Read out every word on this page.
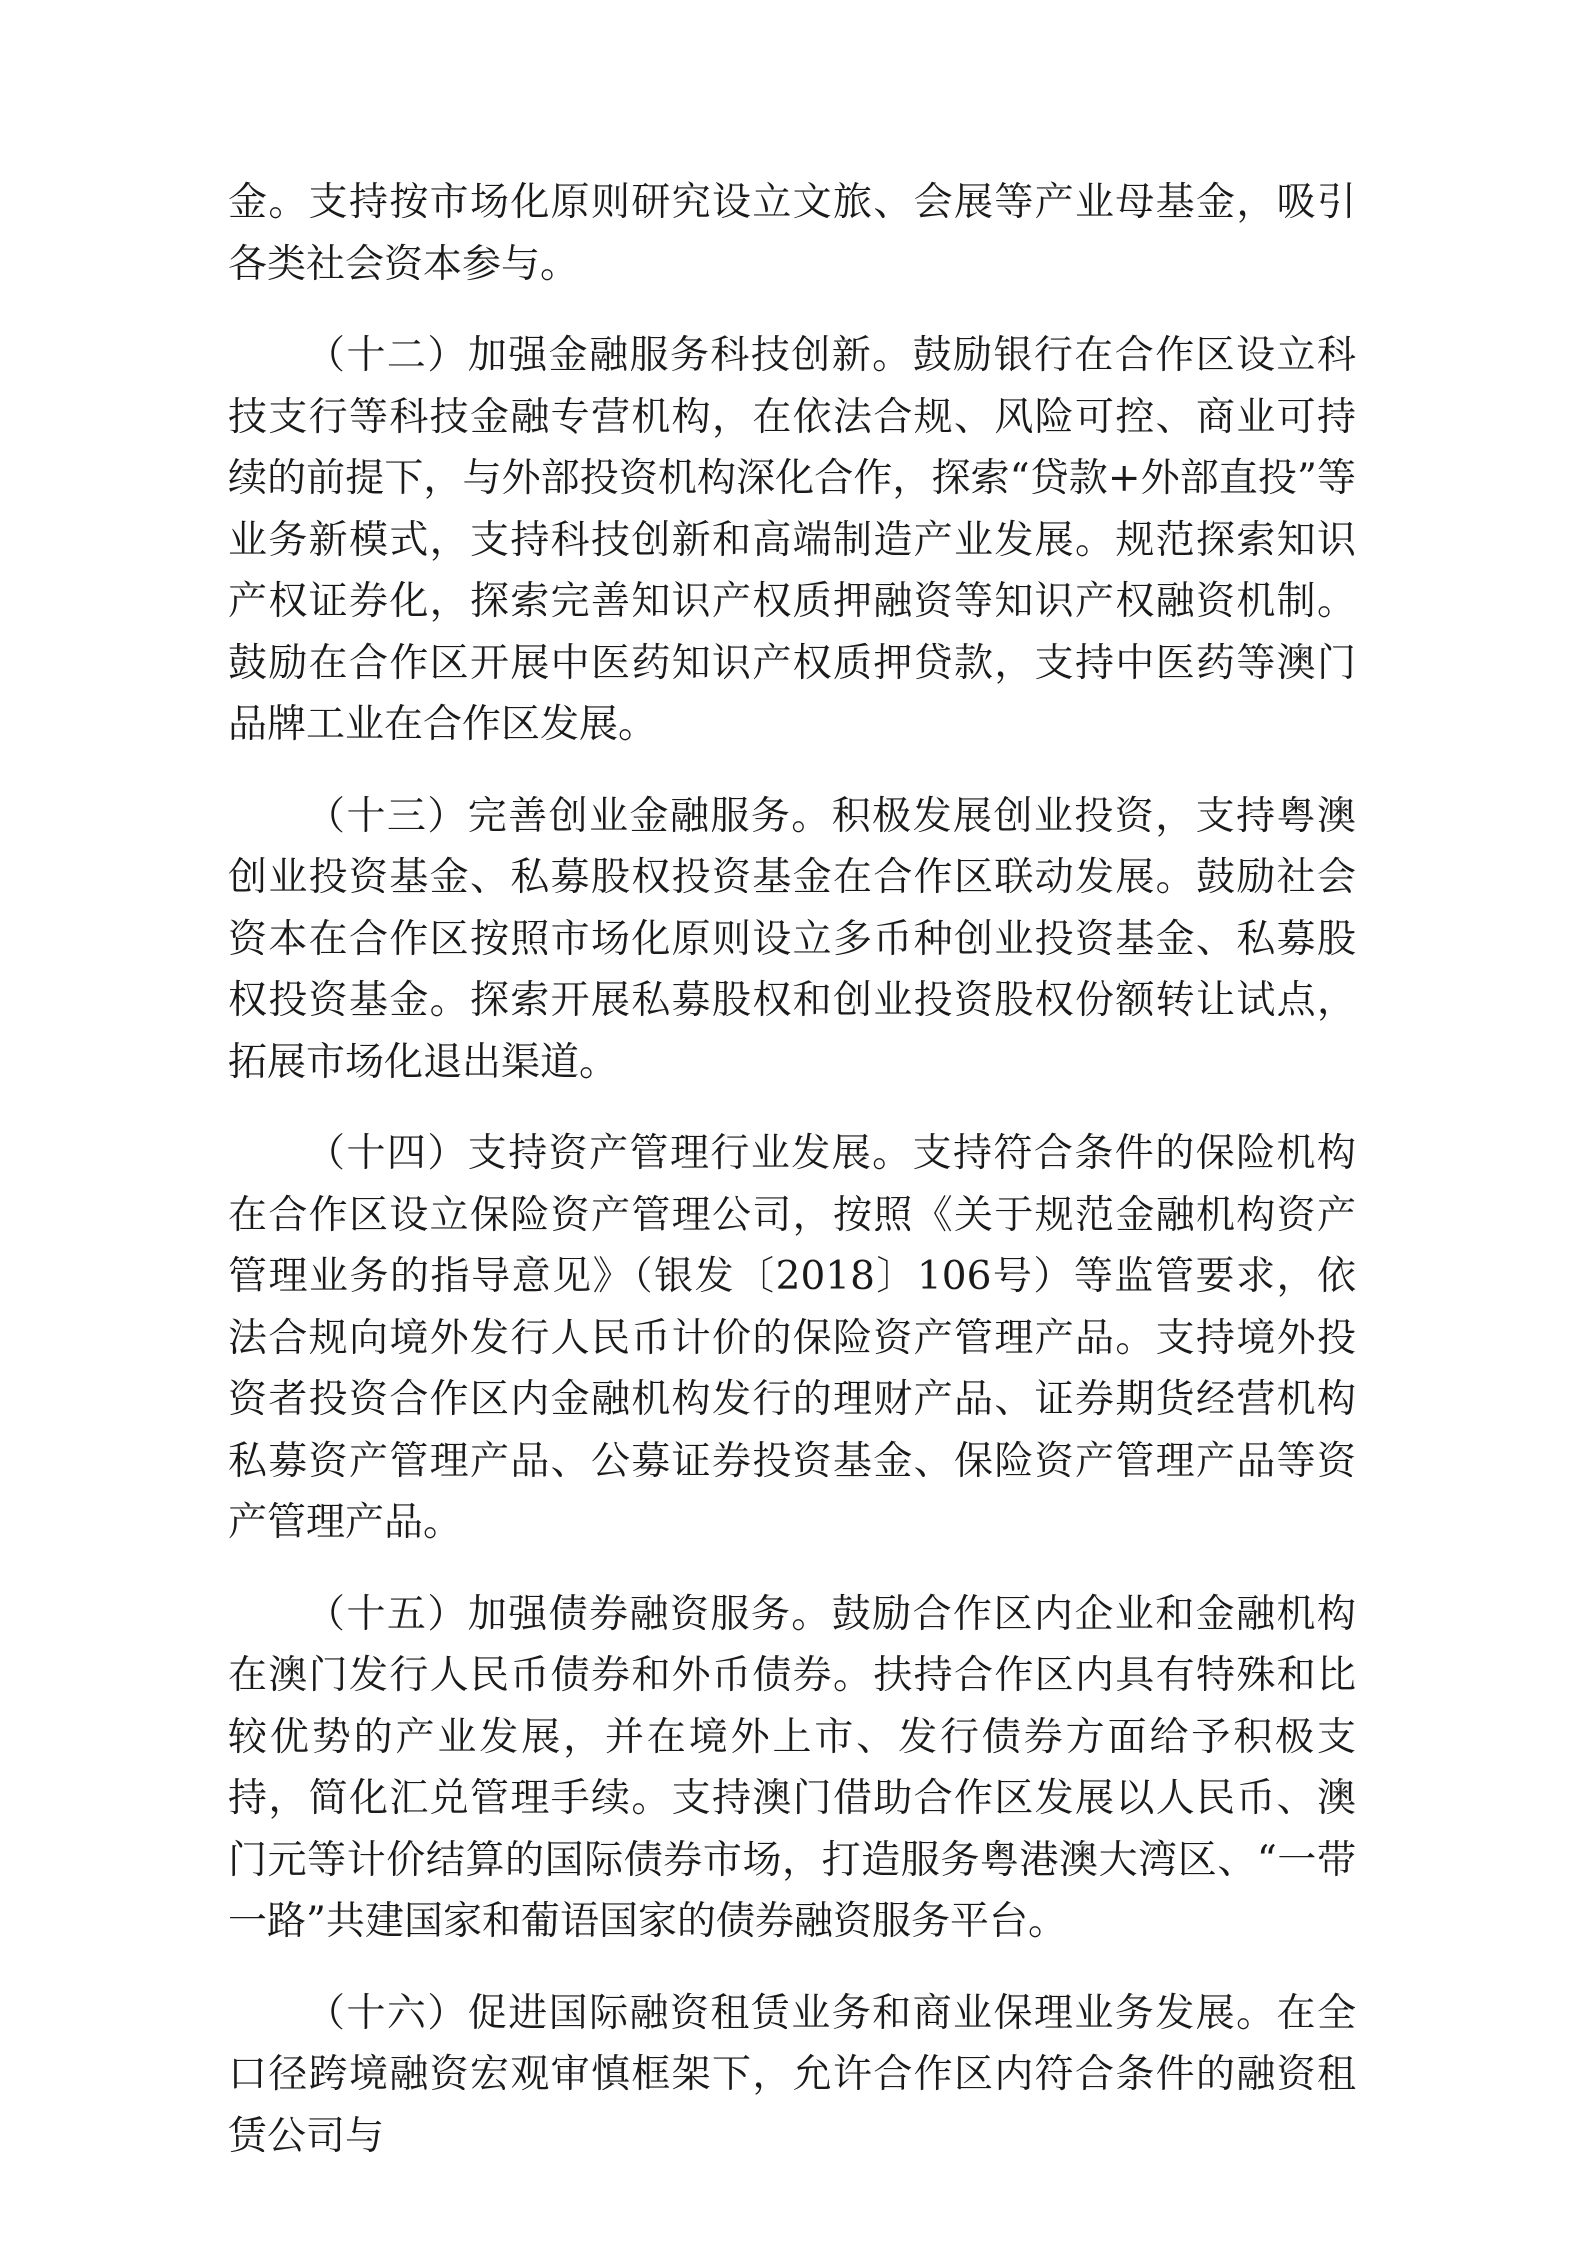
金。支持按市场化原则研究设立文旅、会展等产业母基金，吸引各类社会资本参与。

（十二）加强金融服务科技创新。鼓励银行在合作区设立科技支行等科技金融专营机构，在依法合规、风险可控、商业可持续的前提下，与外部投资机构深化合作，探索“贷款+外部直投”等业务新模式，支持科技创新和高端制造产业发展。规范探索知识产权证券化，探索完善知识产权质押融资等知识产权融资机制。鼓励在合作区开展中医药知识产权质押贷款，支持中医药等澳门品牌工业在合作区发展。

（十三）完善创业金融服务。积极发展创业投资，支持粤澳创业投资基金、私募股权投资基金在合作区联动发展。鼓励社会资本在合作区按照市场化原则设立多币种创业投资基金、私募股权投资基金。探索开展私募股权和创业投资股权份额转让试点，拓展市场化退出渠道。

（十四）支持资产管理行业发展。支持符合条件的保险机构在合作区设立保险资产管理公司，按照《关于规范金融机构资产管理业务的指导意见》（银发〔2018〕106号）等监管要求，依法合规向境外发行人民币计价的保险资产管理产品。支持境外投资者投资合作区内金融机构发行的理财产品、证券期货经营机构私募资产管理产品、公募证券投资基金、保险资产管理产品等资产管理产品。

（十五）加强债券融资服务。鼓励合作区内企业和金融机构在澳门发行人民币债券和外币债券。扶持合作区内具有特殊和比较优势的产业发展，并在境外上市、发行债券方面给予积极支持，简化汇兑管理手续。支持澳门借助合作区发展以人民币、澳门元等计价结算的国际债券市场，打造服务粤港澳大湾区、“一带一路”共建国家和葡语国家的债券融资服务平台。

（十六）促进国际融资租赁业务和商业保理业务发展。在全口径跨境融资宏观审慎框架下，允许合作区内符合条件的融资租赁公司与
